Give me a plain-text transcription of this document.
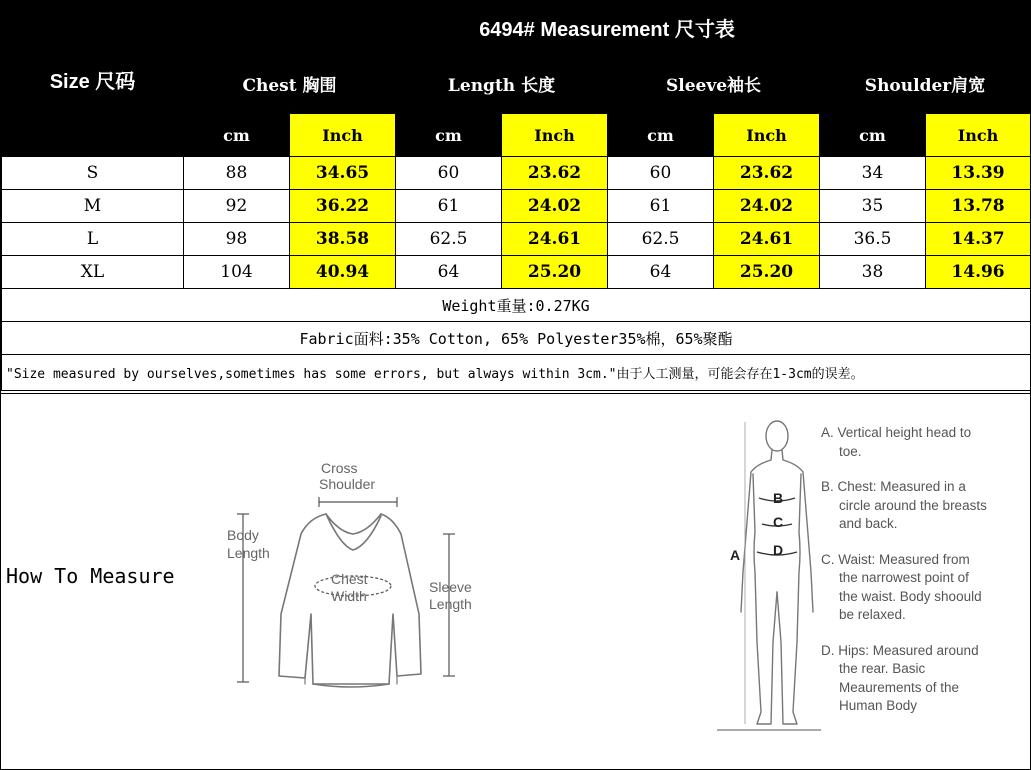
Size 尺码	6494# Measurement 尺寸表							
	Chest 胸围		Length 长度		Sleeve袖长		Shoulder肩宽	
	cm	Inch	cm	Inch	cm	Inch	cm	Inch
S	88	34.65	60	23.62	60	23.62	34	13.39
M	92	36.22	61	24.02	61	24.02	35	13.78
L	98	38.58	62.5	24.61	62.5	24.61	36.5	14.37
XL	104	40.94	64	25.20	64	25.20	38	14.96
Weight重量:0.27KG								
Fabric面料:35% Cotton, 65% Polyester35%棉，65%聚酯								
"Size measured by ourselves,sometimes has some errors, but always within 3cm."由于人工测量，可能会存在1-3cm的误差。								
How To Measure
Cross
Shoulder
Body
Length
Chest
Width
Sleeve
Length
B
C
D
A
A. Vertical height head to toe.
B. Chest: Measured in a circle around the breasts and back.
C. Waist: Measured from the narrowest point of the waist. Body shoould be relaxed.
D. Hips: Measured around the rear. Basic Meaurements of the Human Body
